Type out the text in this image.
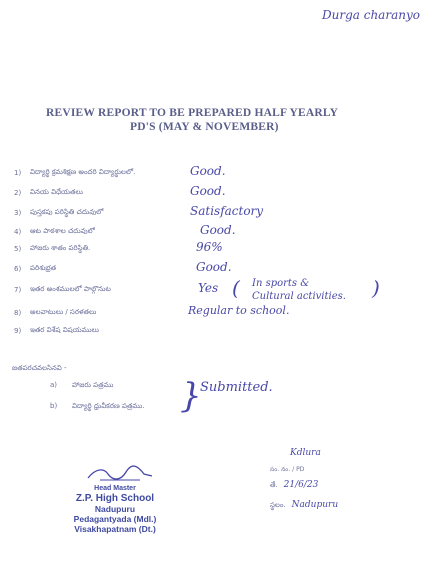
Durga charanyo
REVIEW REPORT TO BE PREPARED HALF YEARLY
PD'S (MAY & NOVEMBER)
1) విద్యార్థి క్రమశిక్షణ అందరి విద్యార్థులలో.	Good.
2) వినయ విధేయతలు	Good.
3) పుస్తకపు పరిస్థితి చదువులో	Satisfactory
4) ఆట పాఠశాల చదువులో	Good.
5) హాజరు శాతం పరిస్థితి.	96%
6) పరిశుభ్రత	Good.
7) ఇతర అంశములలో పాల్గొనుట	Yes ( In sports &
Cultural activities. )
8) అలవాటులు / సరళతలు	Regular to school.
9) ఇతర విశేష విషయములు
జతపరచవలసినవి -
a) హాజరు పత్రము
b) విద్యార్థి ధ్రువీకరణ పత్రము. }
Submitted.
Head Master
Z.P. High School
Nadupuru
Pedagantyada (Mdl.)
Visakhapatnam (Dt.)
Kdlura
సం. నం. / PD
తే. 21/6/23
స్థలం. Nadupuru
